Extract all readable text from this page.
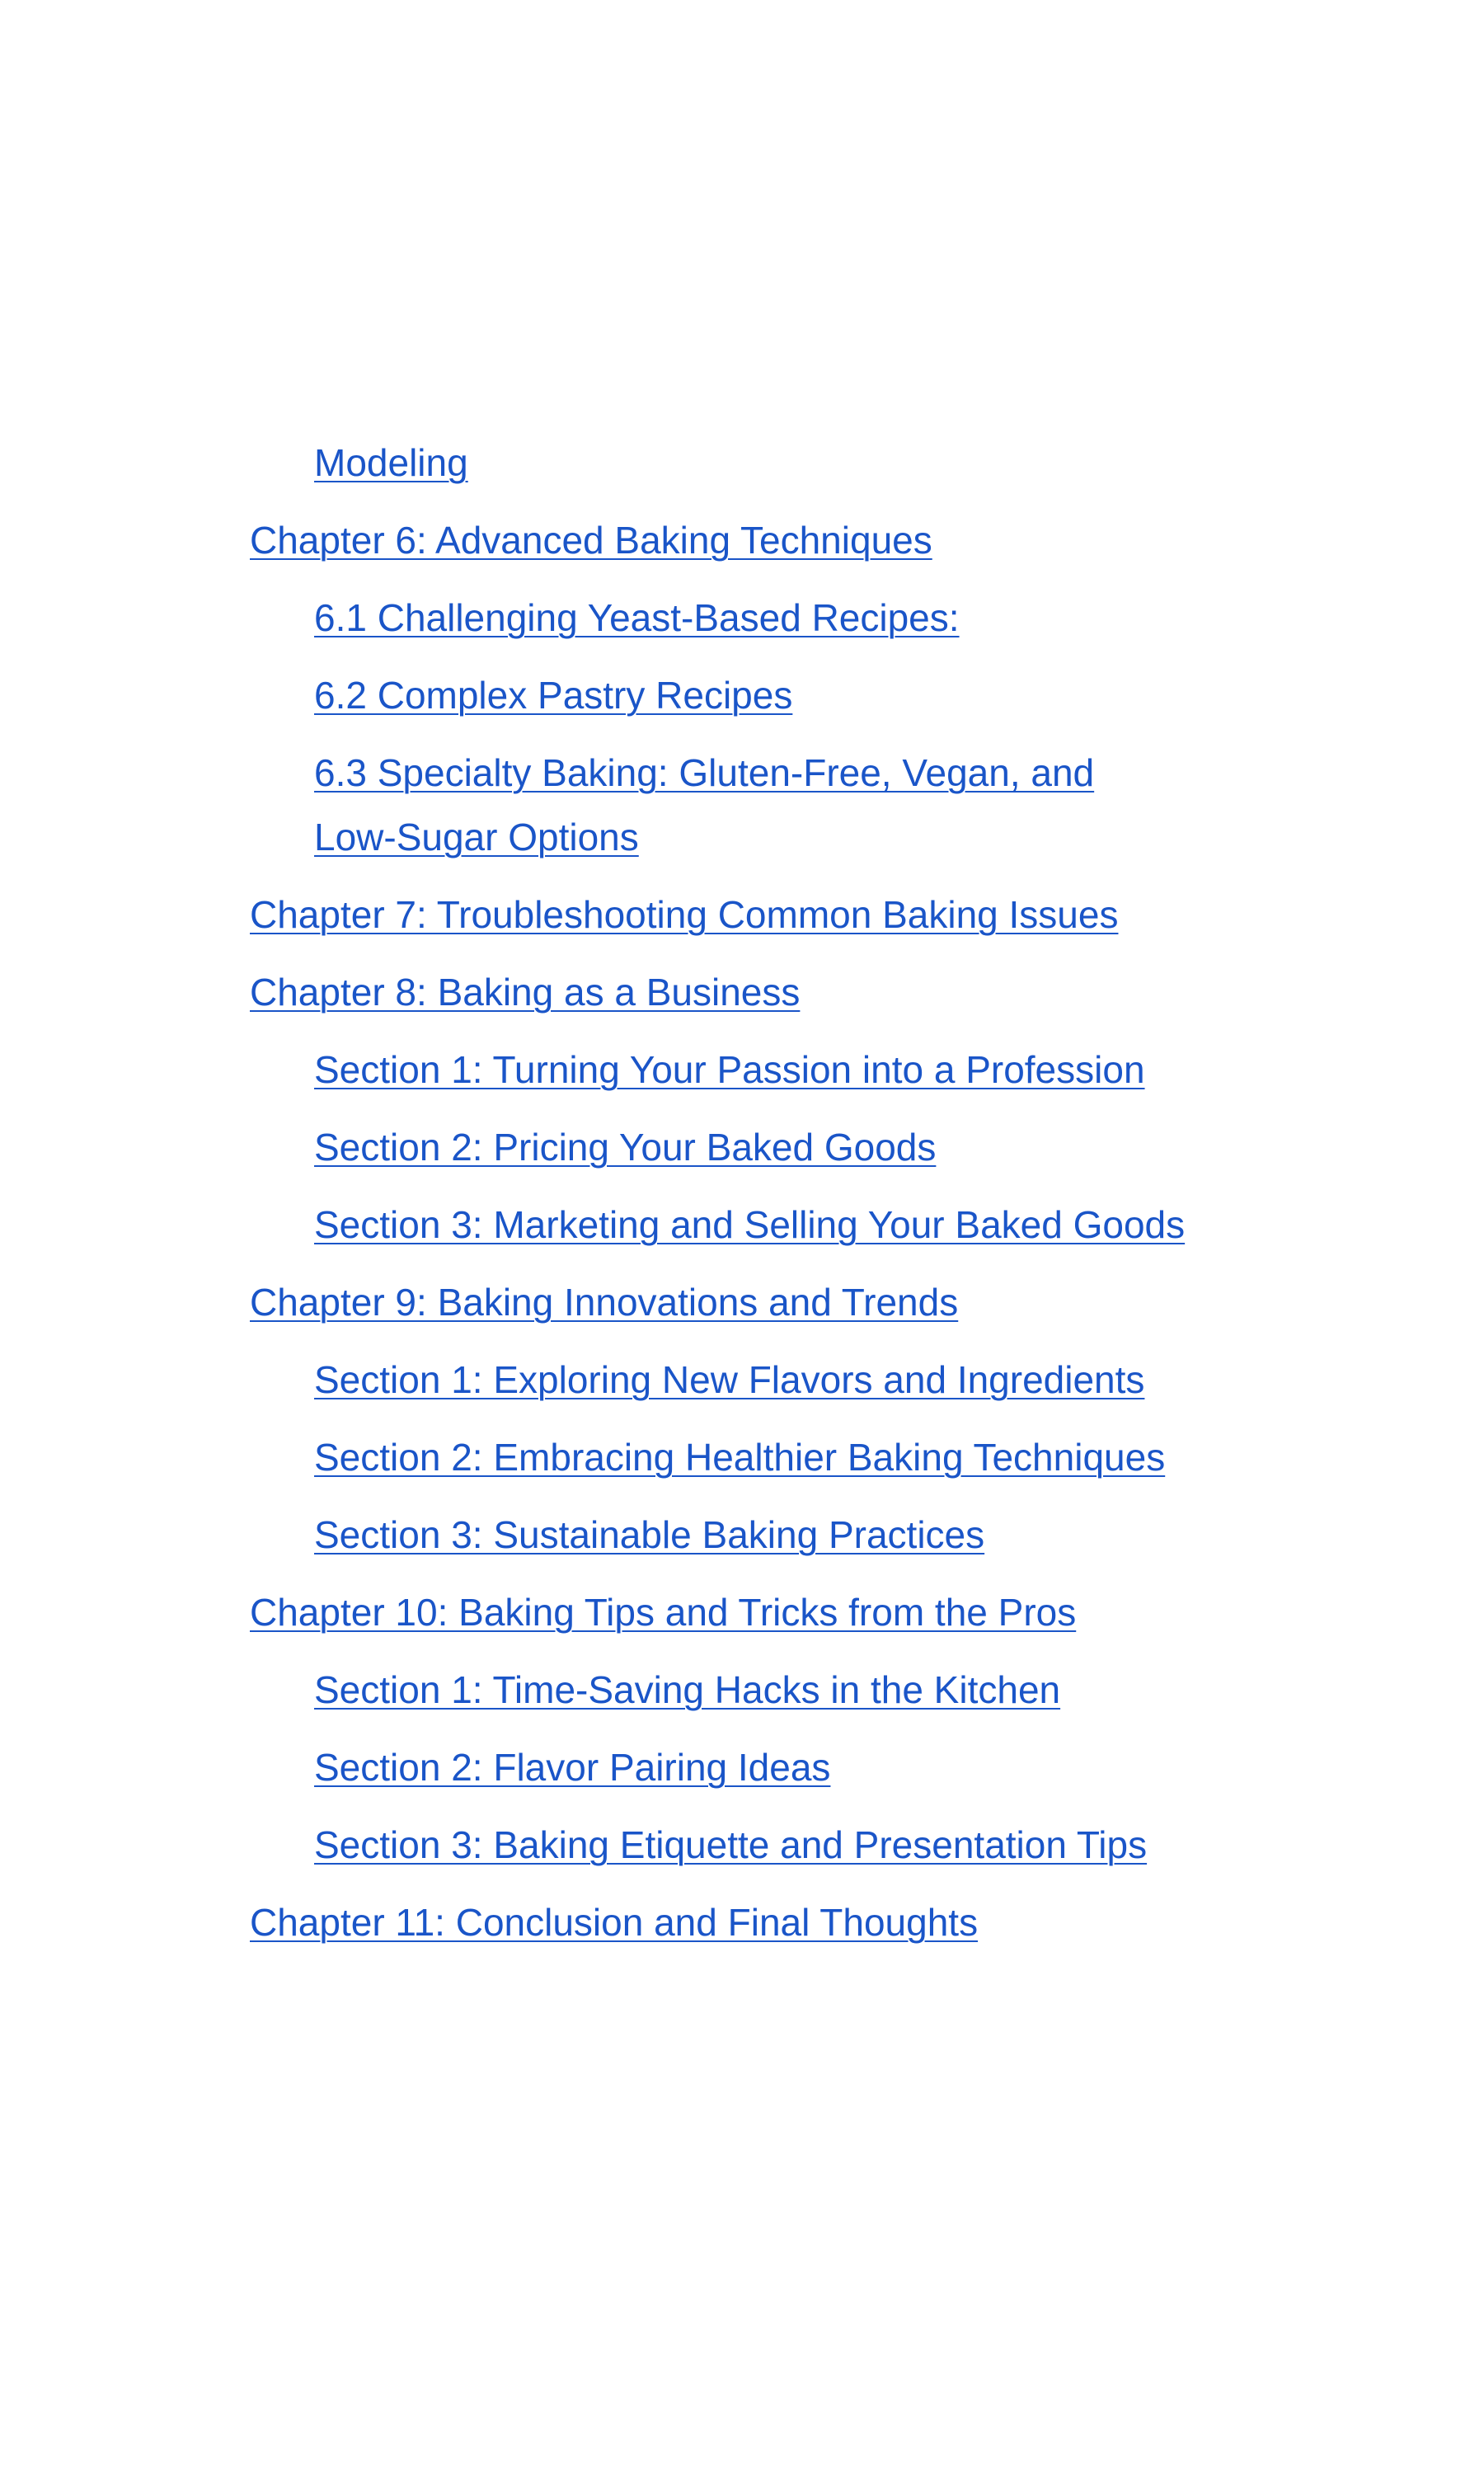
Modeling
Chapter 6: Advanced Baking Techniques
6.1 Challenging Yeast-Based Recipes:
6.2 Complex Pastry Recipes
6.3 Specialty Baking: Gluten-Free, Vegan, and Low-Sugar Options
Chapter 7: Troubleshooting Common Baking Issues
Chapter 8: Baking as a Business
Section 1: Turning Your Passion into a Profession
Section 2: Pricing Your Baked Goods
Section 3: Marketing and Selling Your Baked Goods
Chapter 9: Baking Innovations and Trends
Section 1: Exploring New Flavors and Ingredients
Section 2: Embracing Healthier Baking Techniques
Section 3: Sustainable Baking Practices
Chapter 10: Baking Tips and Tricks from the Pros
Section 1: Time-Saving Hacks in the Kitchen
Section 2: Flavor Pairing Ideas
Section 3: Baking Etiquette and Presentation Tips
Chapter 11: Conclusion and Final Thoughts
